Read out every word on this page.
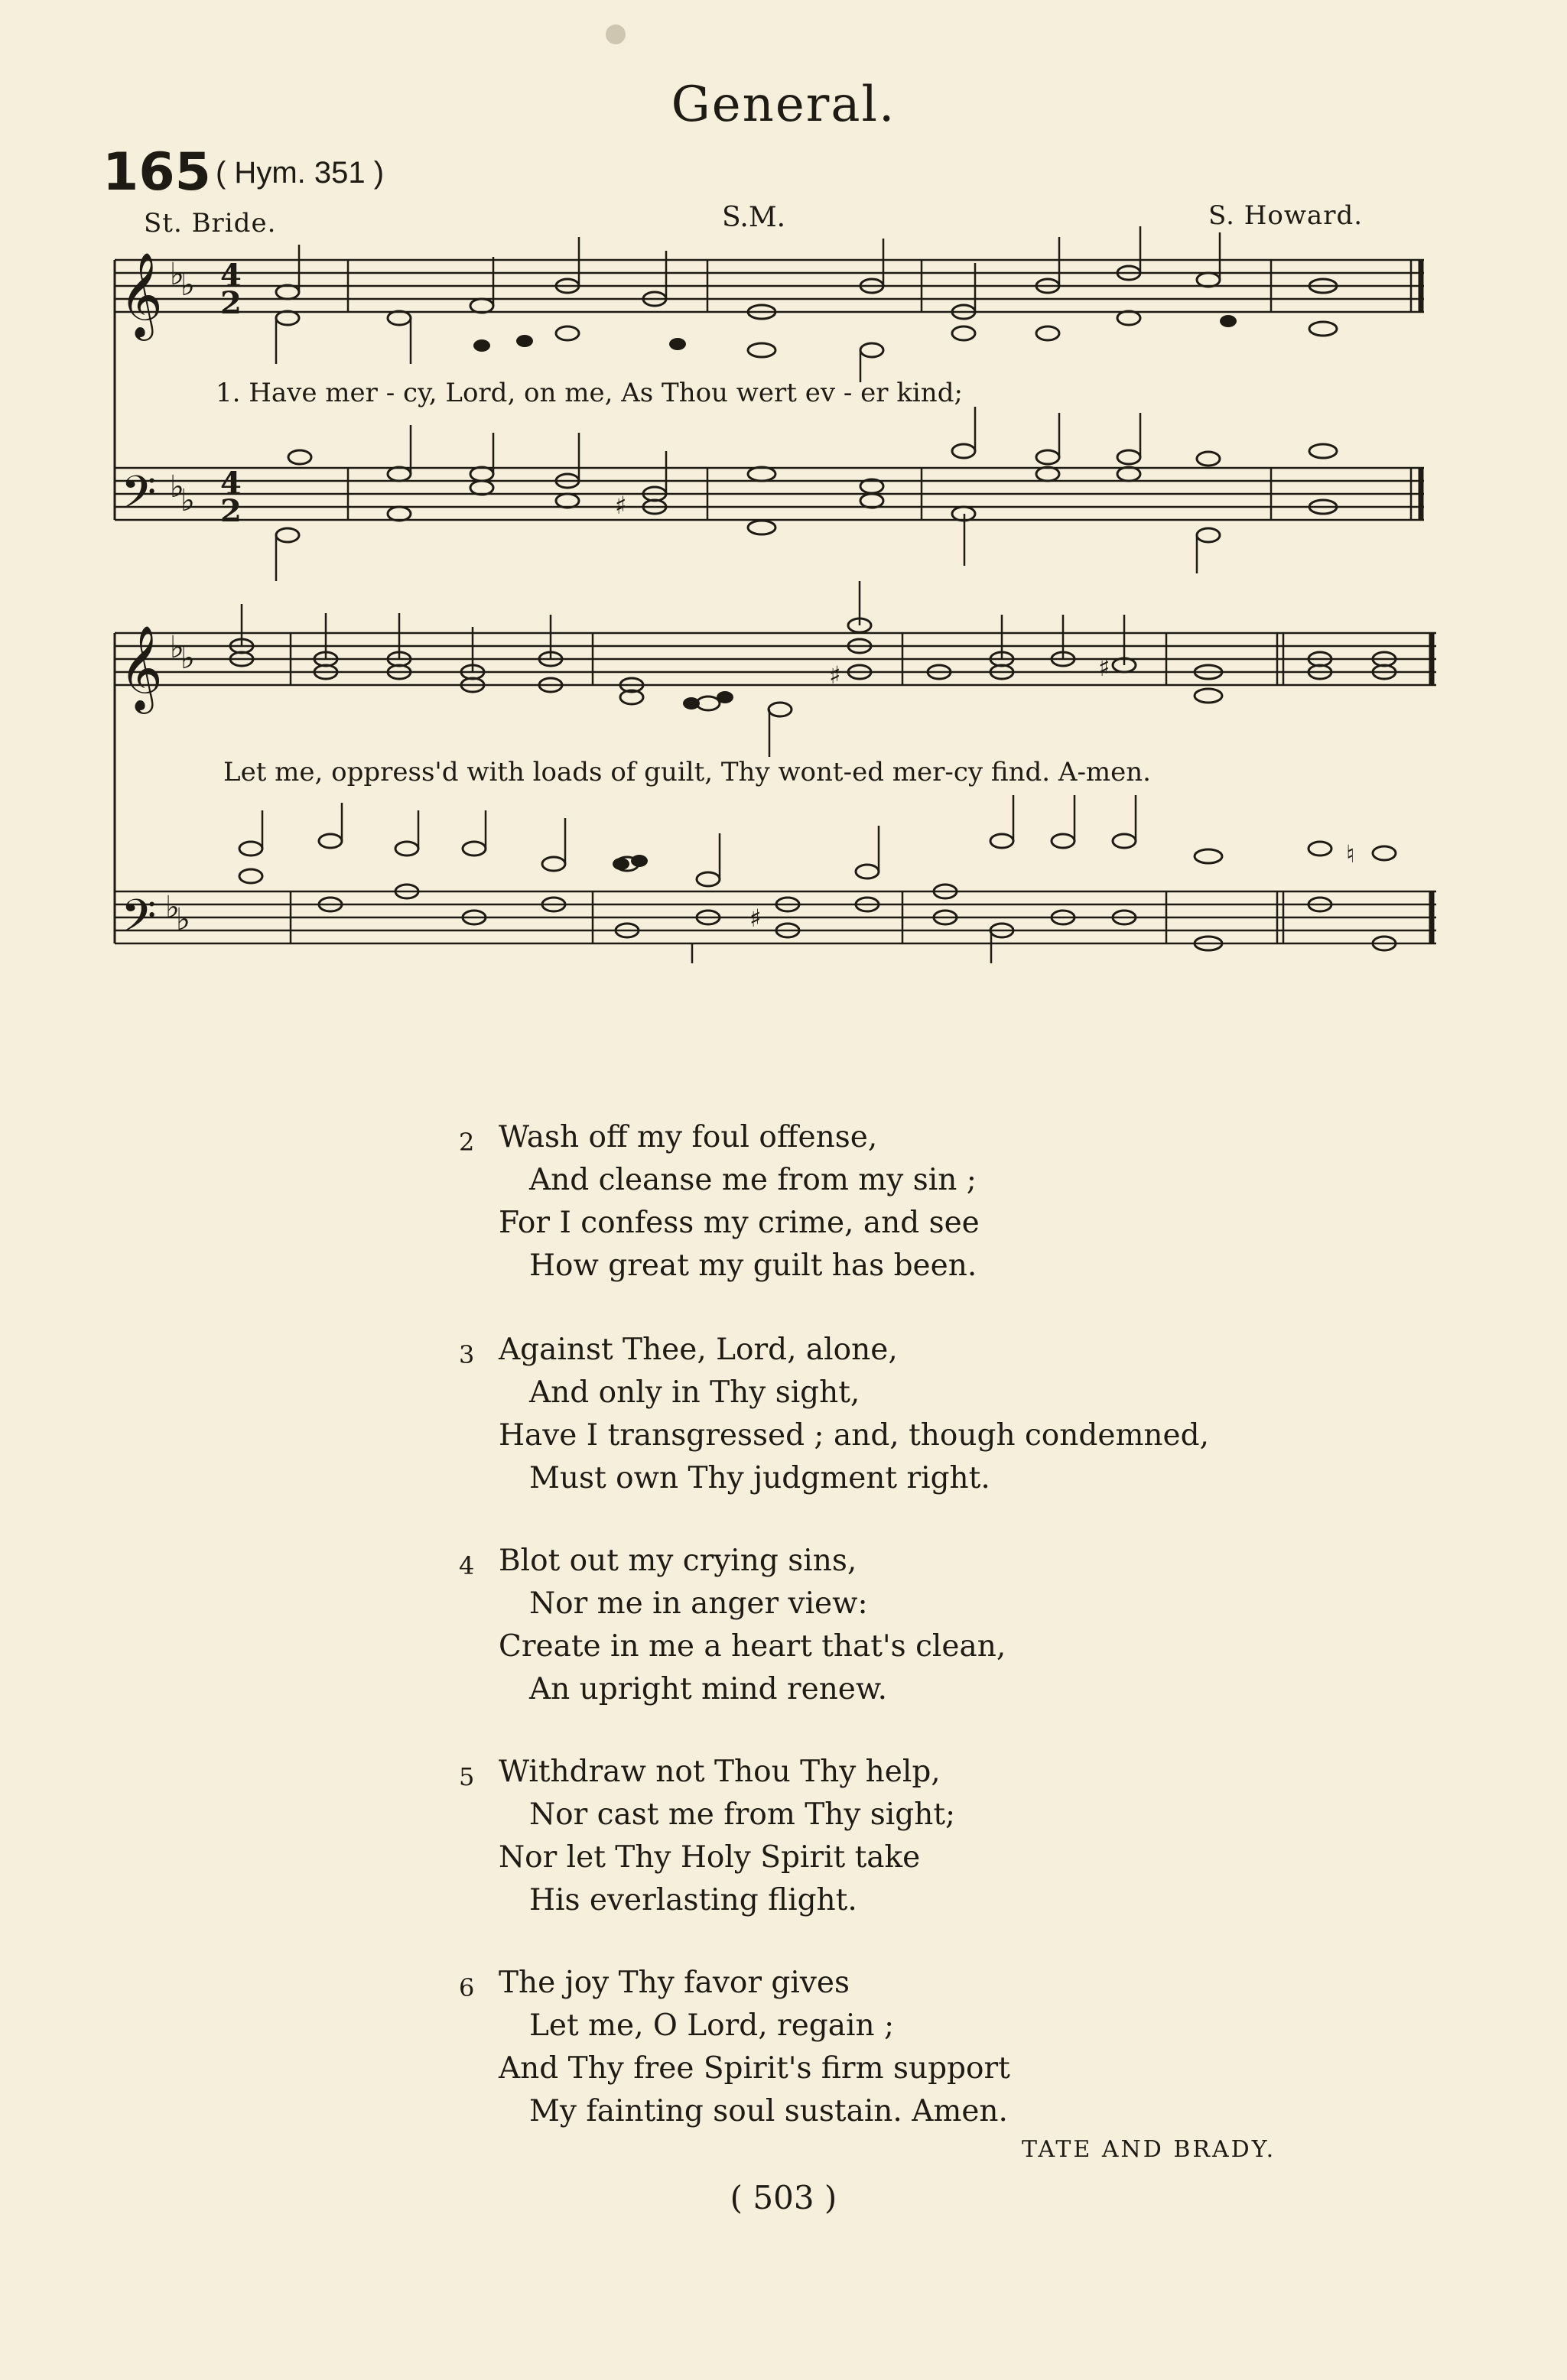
General.
165 ( Hym. 351 )
St. Bride.	S.M.	S. Howard.
𝄞
𝄢
𝄞
𝄢
♭
♭
♭
♭
♭
♭
♭
♭
4
2
4
2	♯
♯	♯
♯
♮
1. Have mer - cy, Lord, on me, As Thou wert ev - er kind;
Let me, oppress'd with loads of guilt, Thy wont-ed mer-cy find. A-men.
2 Wash off my foul offense,
And cleanse me from my sin ;
For I confess my crime, and see
How great my guilt has been.
3 Against Thee, Lord, alone,
And only in Thy sight,
Have I transgressed ; and, though condemned,
Must own Thy judgment right.
4 Blot out my crying sins,
Nor me in anger view:
Create in me a heart that's clean,
An upright mind renew.
5 Withdraw not Thou Thy help,
Nor cast me from Thy sight;
Nor let Thy Holy Spirit take
His everlasting flight.
6 The joy Thy favor gives
Let me, O Lord, regain ;
And Thy free Spirit's firm support
My fainting soul sustain. Amen.
TATE AND BRADY.
( 503 )
